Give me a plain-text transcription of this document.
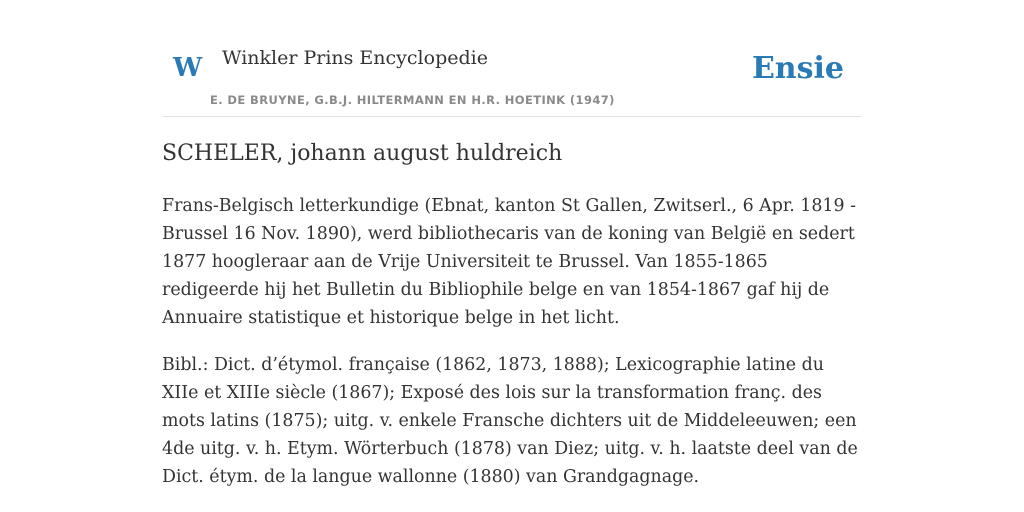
W Winkler Prins Encyclopedie
E. DE BRUYNE, G.B.J. HILTERMANN EN H.R. HOETINK (1947)
Ensie
SCHELER, johann august huldreich

Frans-Belgisch letterkundige (Ebnat, kanton St Gallen, Zwitserl., 6 Apr. 1819 - Brussel 16 Nov. 1890), werd bibliothecaris van de koning van België en sedert 1877 hoogleraar aan de Vrije Universiteit te Brussel. Van 1855-1865 redigeerde hij het Bulletin du Bibliophile belge en van 1854-1867 gaf hij de Annuaire statistique et historique belge in het licht.

Bibl.: Dict. d’étymol. française (1862, 1873, 1888); Lexicographie latine du XIIe et XIIIe siècle (1867); Exposé des lois sur la transformation franç. des mots latins (1875); uitg. v. enkele Fransche dichters uit de Middeleeuwen; een 4de uitg. v. h. Etym. Wörterbuch (1878) van Diez; uitg. v. h. laatste deel van de Dict. étym. de la langue wallonne (1880) van Grandgagnage.
